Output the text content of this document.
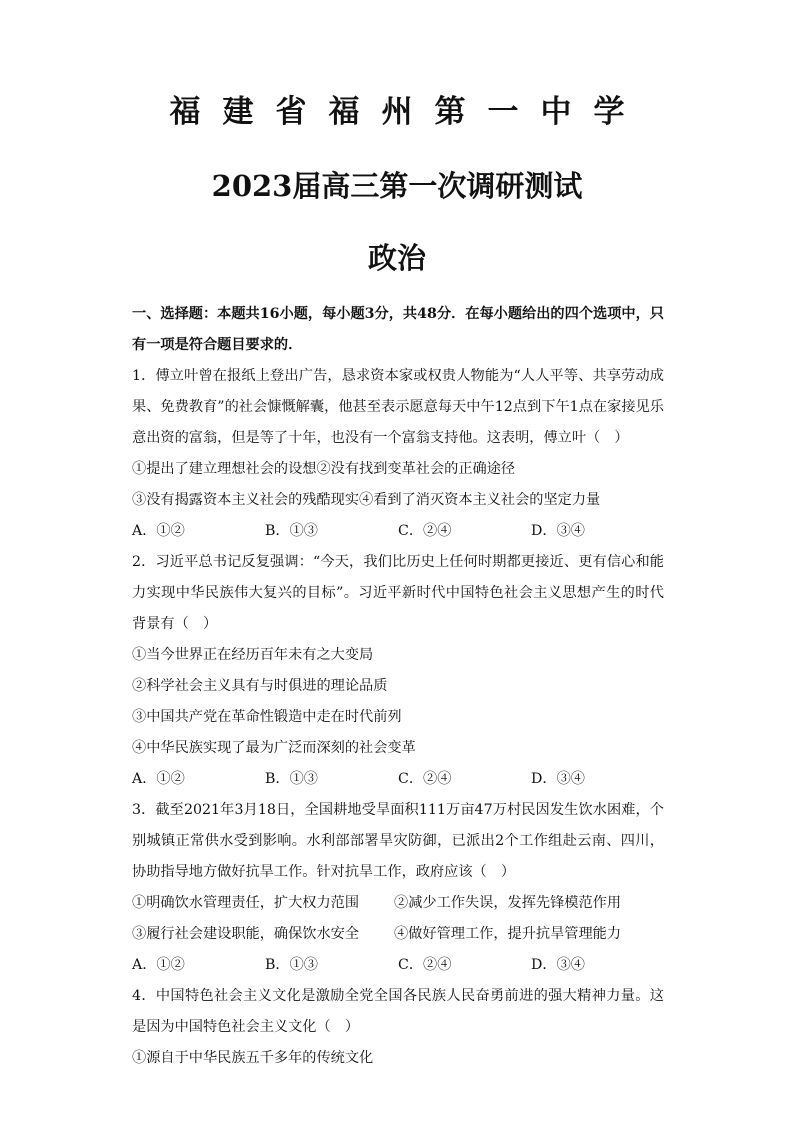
福建省福州第一中学
2023届高三第一次调研测试
政治
一、选择题：本题共16小题，每小题3分，共48分．在每小题给出的四个选项中，只有一项是符合题目要求的．
1．傅立叶曾在报纸上登出广告，恳求资本家或权贵人物能为“人人平等、共享劳动成果、免费教育”的社会慷慨解囊，他甚至表示愿意每天中午12点到下午1点在家接见乐意出资的富翁，但是等了十年，也没有一个富翁支持他。这表明，傅立叶（　）
①提出了建立理想社会的设想②没有找到变革社会的正确途径
③没有揭露资本主义社会的残酷现实④看到了消灭资本主义社会的坚定力量
A．①②	B．①③	C．②④	D．③④
2．习近平总书记反复强调：“今天，我们比历史上任何时期都更接近、更有信心和能力实现中华民族伟大复兴的目标”。习近平新时代中国特色社会主义思想产生的时代背景有（　）
①当今世界正在经历百年未有之大变局
②科学社会主义具有与时俱进的理论品质
③中国共产党在革命性锻造中走在时代前列
④中华民族实现了最为广泛而深刻的社会变革
A．①②	B．①③	C．②④	D．③④
3．截至2021年3月18日，全国耕地受旱面积111万亩47万村民因发生饮水困难，个别城镇正常供水受到影响。水利部部署旱灾防御，已派出2个工作组赴云南、四川，协助指导地方做好抗旱工作。针对抗旱工作，政府应该（　）
①明确饮水管理责任，扩大权力范围	②减少工作失误，发挥先锋模范作用
③履行社会建设职能，确保饮水安全	④做好管理工作，提升抗旱管理能力
A．①②	B．①③	C．②④	D．③④
4．中国特色社会主义文化是激励全党全国各民族人民奋勇前进的强大精神力量。这是因为中国特色社会主义文化（　）
①源自于中华民族五千多年的传统文化
